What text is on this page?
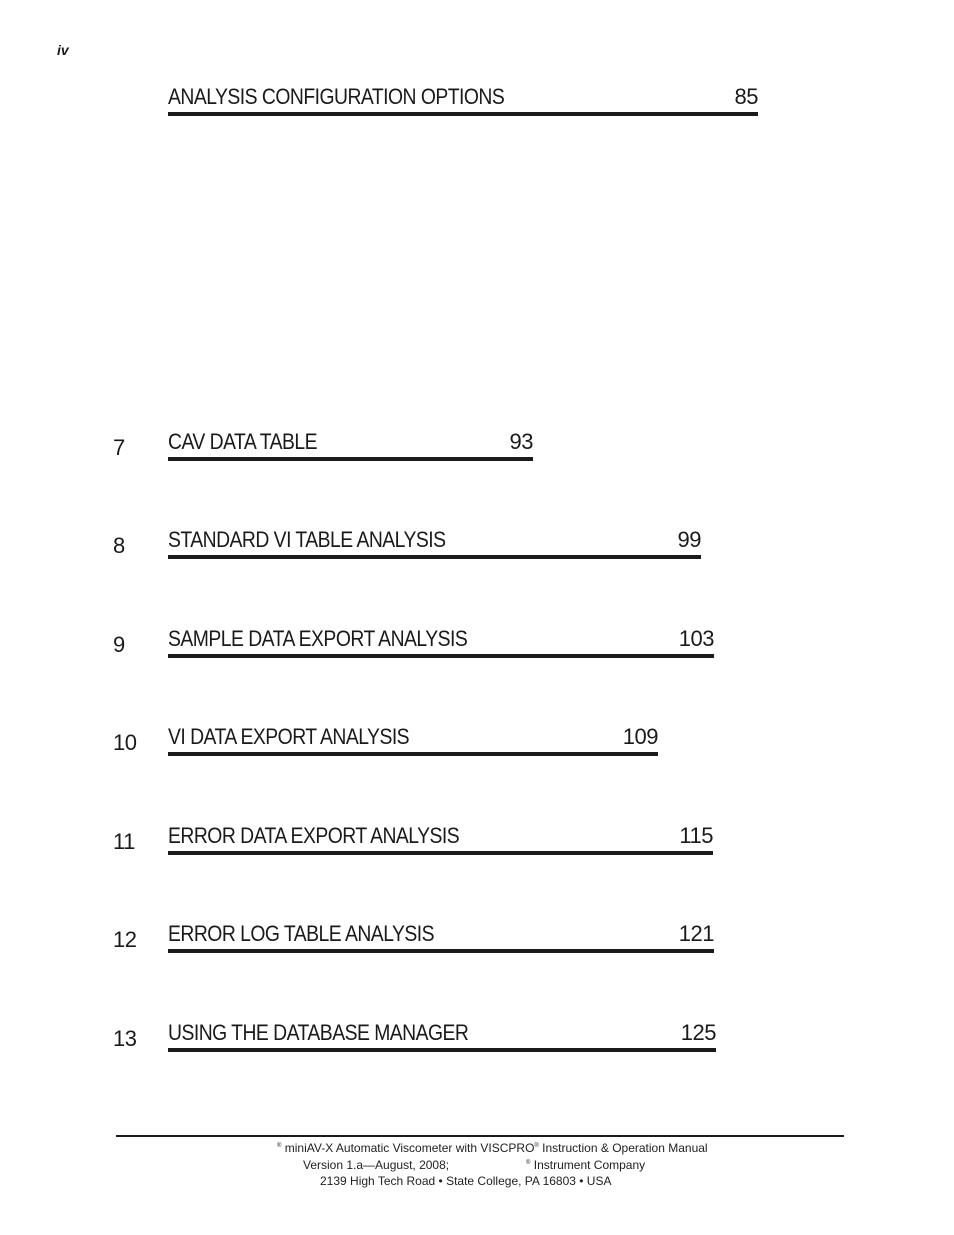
iv
ANALYSIS CONFIGURATION OPTIONS	85
7 CAV DATA TABLE	93
8 STANDARD VI TABLE ANALYSIS	99
9 SAMPLE DATA EXPORT ANALYSIS	103
10 VI DATA EXPORT ANALYSIS	109
11 ERROR DATA EXPORT ANALYSIS	115
12 ERROR LOG TABLE ANALYSIS	121
13 USING THE DATABASE MANAGER	125
® miniAV-X Automatic Viscometer with VISCPRO® Instruction & Operation Manual
Version 1.a—August, 2008;	® Instrument Company
2139 High Tech Road • State College, PA 16803 • USA
